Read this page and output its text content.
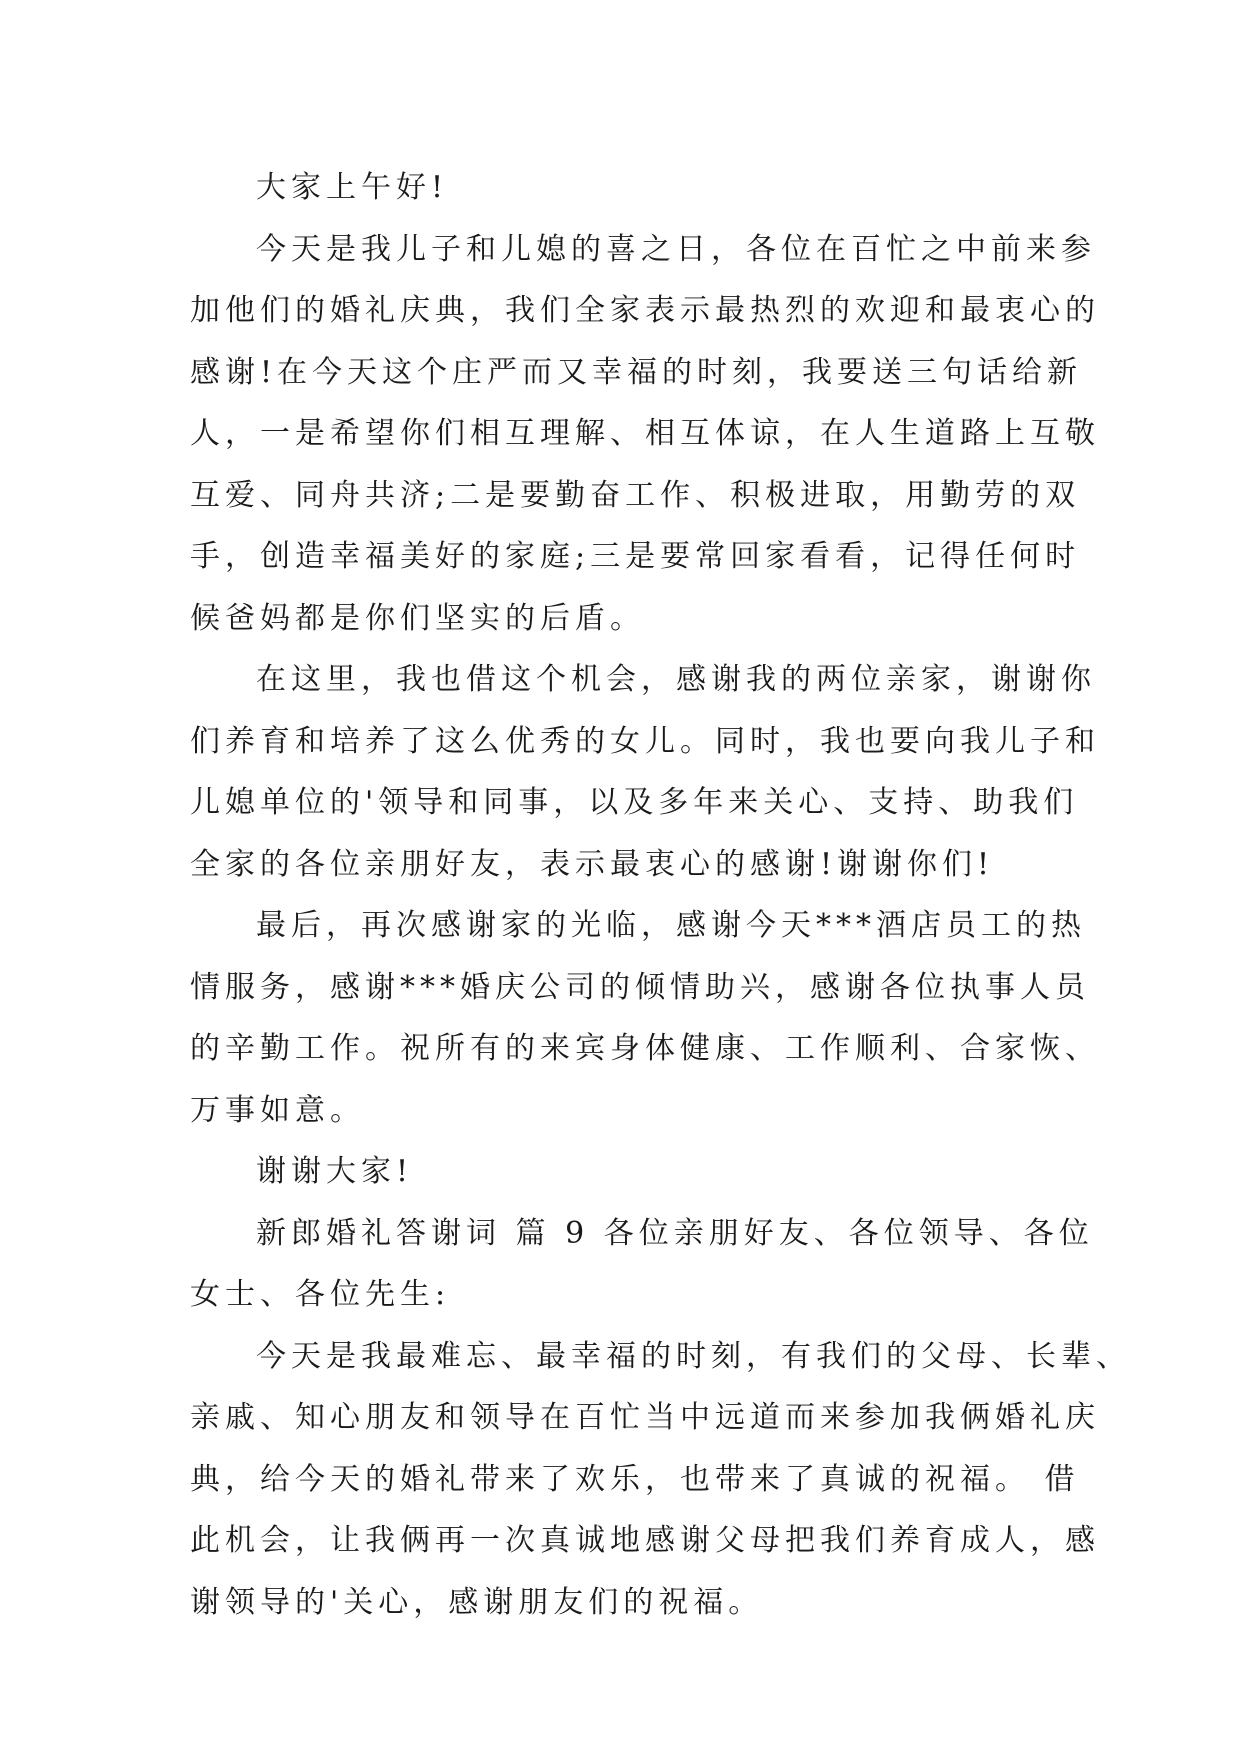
大家上午好!
今天是我儿子和儿媳的喜之日，各位在百忙之中前来参
加他们的婚礼庆典，我们全家表示最热烈的欢迎和最衷心的
感谢!在今天这个庄严而又幸福的时刻，我要送三句话给新
人，一是希望你们相互理解、相互体谅，在人生道路上互敬
互爱、同舟共济;二是要勤奋工作、积极进取，用勤劳的双
手，创造幸福美好的家庭;三是要常回家看看，记得任何时
候爸妈都是你们坚实的后盾。
在这里，我也借这个机会，感谢我的两位亲家，谢谢你
们养育和培养了这么优秀的女儿。同时，我也要向我儿子和
儿媳单位的'领导和同事，以及多年来关心、支持、助我们
全家的各位亲朋好友，表示最衷心的感谢!谢谢你们!
最后，再次感谢家的光临，感谢今天***酒店员工的热
情服务，感谢***婚庆公司的倾情助兴，感谢各位执事人员
的辛勤工作。祝所有的来宾身体健康、工作顺利、合家恢、
万事如意。
谢谢大家!
新郎婚礼答谢词 篇 9 各位亲朋好友、各位领导、各位
女士、各位先生:
今天是我最难忘、最幸福的时刻，有我们的父母、长辈、
亲戚、知心朋友和领导在百忙当中远道而来参加我俩婚礼庆
典，给今天的婚礼带来了欢乐，也带来了真诚的祝福。 借
此机会，让我俩再一次真诚地感谢父母把我们养育成人，感
谢领导的'关心，感谢朋友们的祝福。
